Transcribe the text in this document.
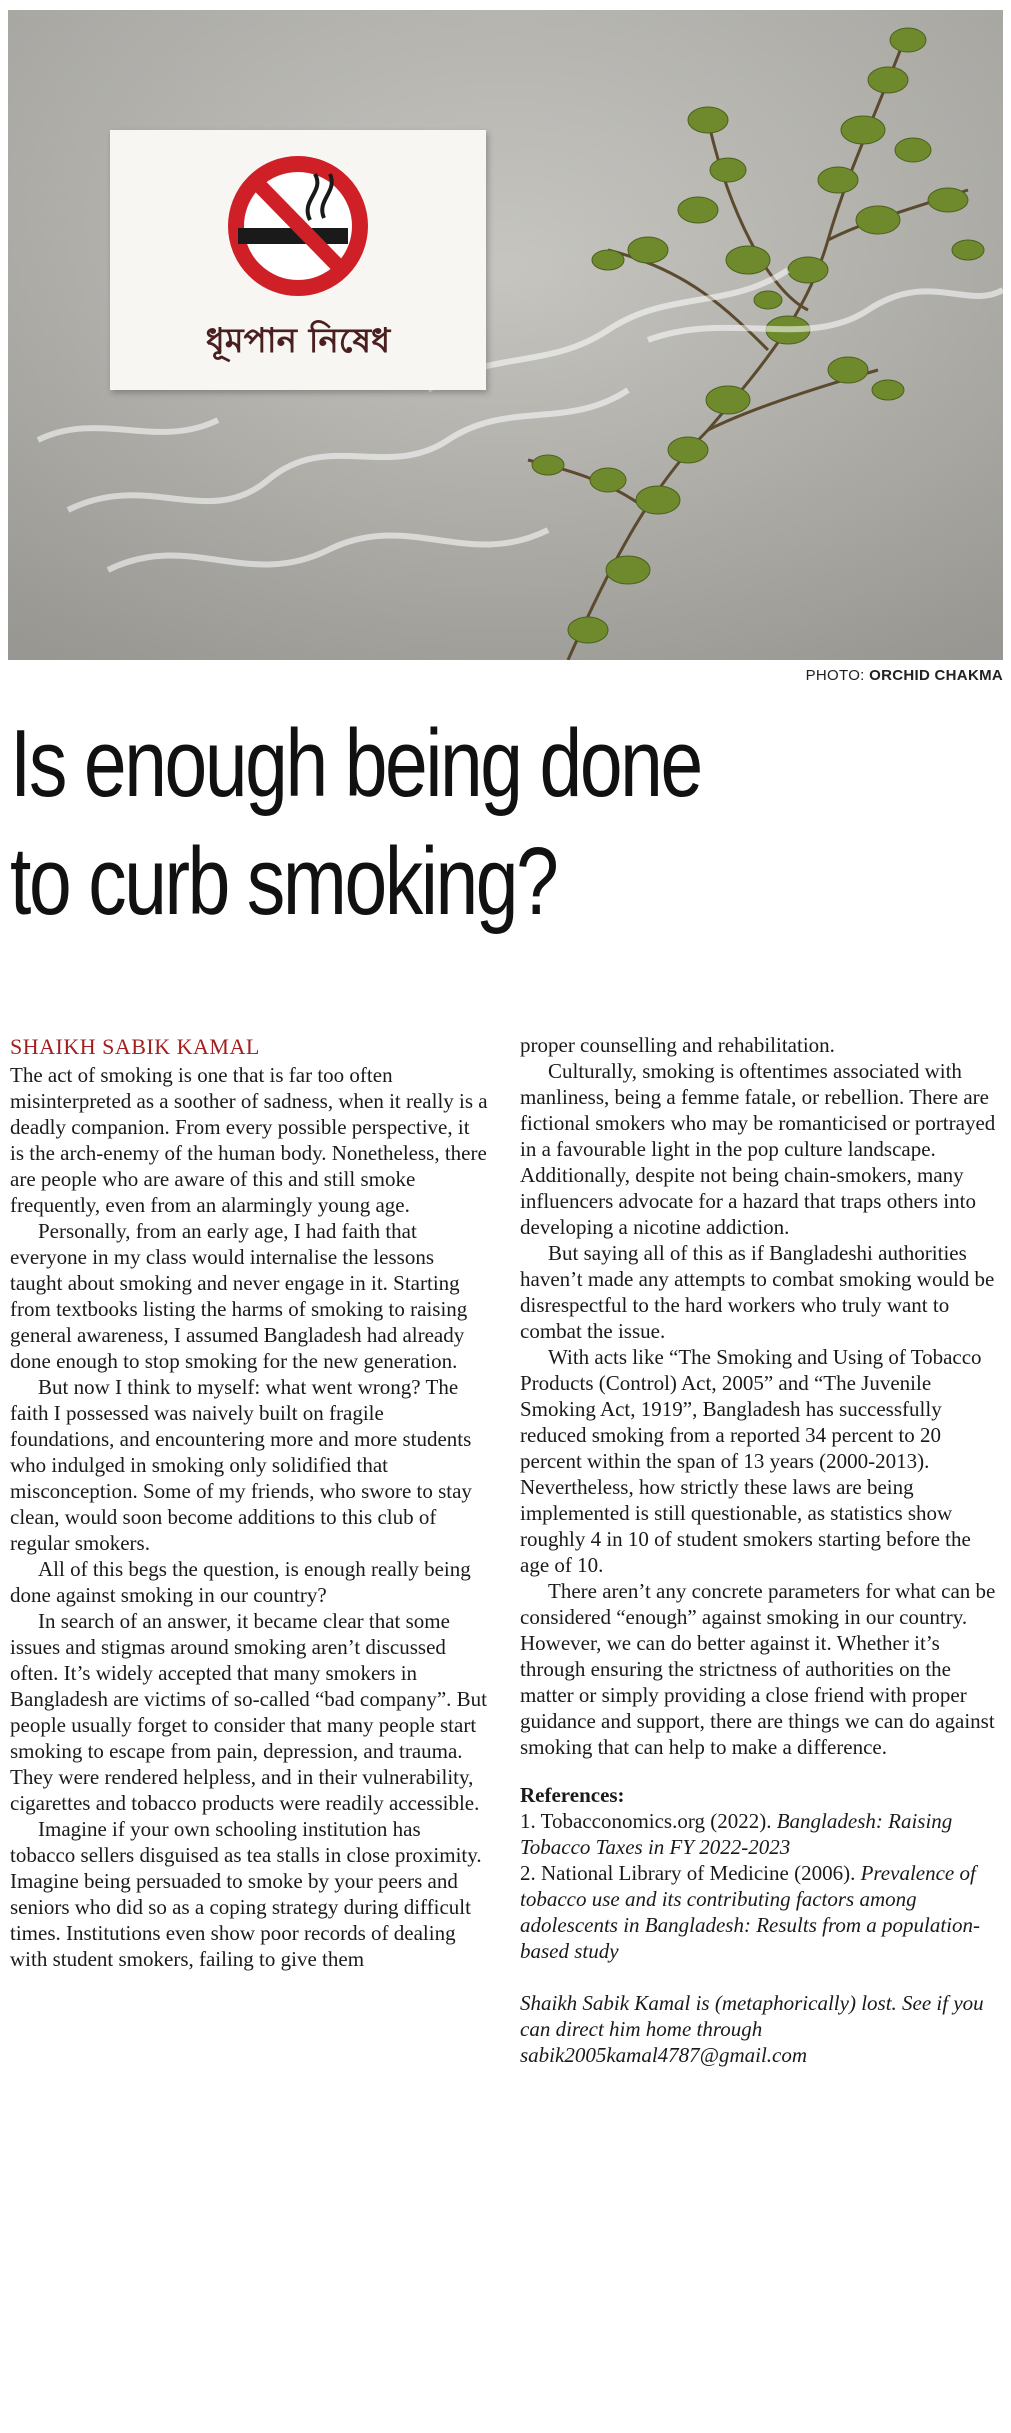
ধূমপান নিষেধ
PHOTO: ORCHID CHAKMA
Is enough being done
to curb smoking?

SHAIKH SABIK KAMAL

The act of smoking is one that is far too often misinterpreted as a soother of sadness, when it really is a deadly companion. From every possible perspective, it is the arch-enemy of the human body. Nonetheless, there are people who are aware of this and still smoke frequently, even from an alarmingly young age.

Personally, from an early age, I had faith that everyone in my class would internalise the lessons taught about smoking and never engage in it. Starting from textbooks listing the harms of smoking to raising general awareness, I assumed Bangladesh had already done enough to stop smoking for the new generation.

But now I think to myself: what went wrong? The faith I possessed was naively built on fragile foundations, and encountering more and more students who indulged in smoking only solidified that misconception. Some of my friends, who swore to stay clean, would soon become additions to this club of regular smokers.

All of this begs the question, is enough really being done against smoking in our country?

In search of an answer, it became clear that some issues and stigmas around smoking aren’t discussed often. It’s widely accepted that many smokers in Bangladesh are victims of so-called “bad company”. But people usually forget to consider that many people start smoking to escape from pain, depression, and trauma. They were rendered helpless, and in their vulnerability, cigarettes and tobacco products were readily accessible.

Imagine if your own schooling institution has tobacco sellers disguised as tea stalls in close proximity. Imagine being persuaded to smoke by your peers and seniors who did so as a coping strategy during difficult times. Institutions even show poor records of dealing with student smokers, failing to give them

proper counselling and rehabilitation.

Culturally, smoking is oftentimes associated with manliness, being a femme fatale, or rebellion. There are fictional smokers who may be romanticised or portrayed in a favourable light in the pop culture landscape. Additionally, despite not being chain-smokers, many influencers advocate for a hazard that traps others into developing a nicotine addiction.

But saying all of this as if Bangladeshi authorities haven’t made any attempts to combat smoking would be disrespectful to the hard workers who truly want to combat the issue.

With acts like “The Smoking and Using of Tobacco Products (Control) Act, 2005” and “The Juvenile Smoking Act, 1919”, Bangladesh has successfully reduced smoking from a reported 34 percent to 20 percent within the span of 13 years (2000-2013). Nevertheless, how strictly these laws are being implemented is still questionable, as statistics show roughly 4 in 10 of student smokers starting before the age of 10.

There aren’t any concrete parameters for what can be considered “enough” against smoking in our country. However, we can do better against it. Whether it’s through ensuring the strictness of authorities on the matter or simply providing a close friend with proper guidance and support, there are things we can do against smoking that can help to make a difference.

References:

1. Tobacconomics.org (2022). Bangladesh: Raising Tobacco Taxes in FY 2022-2023

2. National Library of Medicine (2006). Prevalence of tobacco use and its contributing factors among adolescents in Bangladesh: Results from a population-based study

Shaikh Sabik Kamal is (metaphorically) lost. See if you can direct him home through sabik2005kamal4787@gmail.com
